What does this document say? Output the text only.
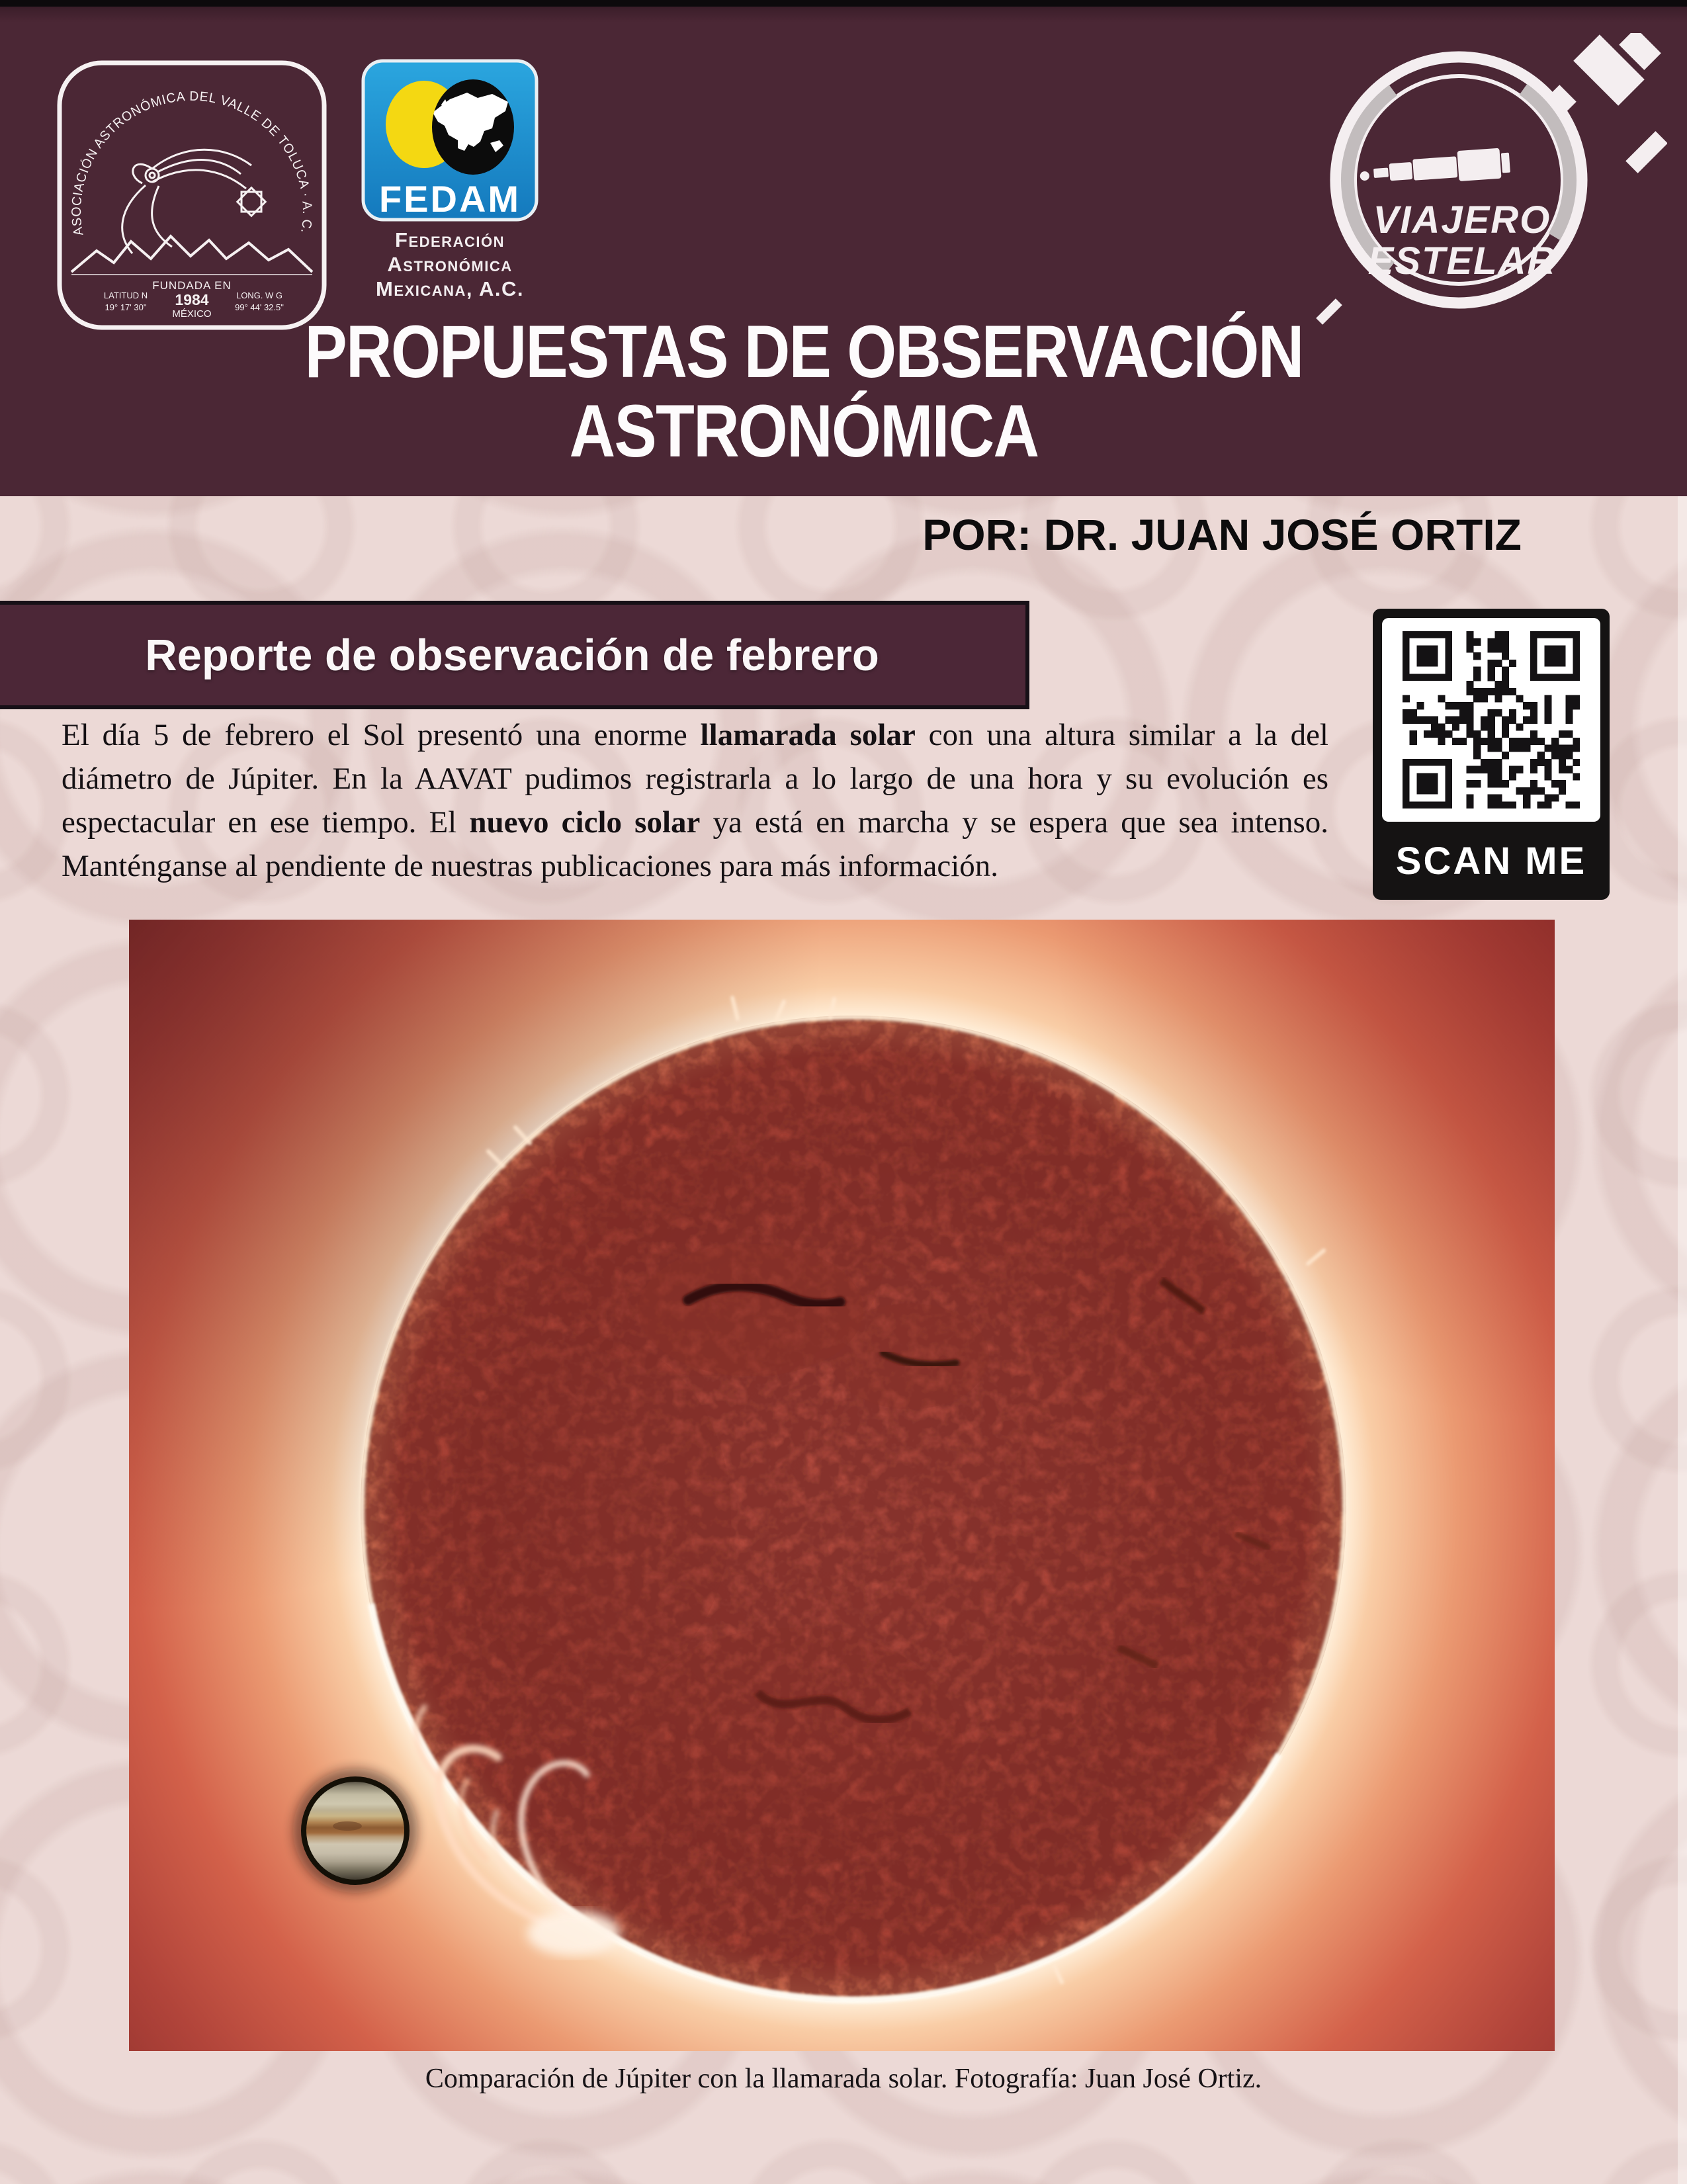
ASOCIACIÓN ASTRONÓMICA DEL VALLE DE TOLUCA · A. C.
FUNDADA EN
1984
MÉXICO
LATITUD N
19° 17' 30"
LONG. W G
99° 44' 32.5"
FEDAM
Federación
Astronómica
Mexicana, A.C.
VIAJERO
ESTELAR
PROPUESTAS DE OBSERVACIÓN
ASTRONÓMICA
POR: DR. JUAN JOSÉ ORTIZ
Reporte de observación de febrero
El día 5 de febrero el Sol presentó una enorme llamarada solar con una altura similar a la del diámetro de Júpiter. En la AAVAT pudimos registrarla a lo largo de una hora y su evolución es espectacular en ese tiempo. El nuevo ciclo solar ya está en marcha y se espera que sea intenso. Manténganse al pendiente de nuestras publicaciones para más información.	SCAN ME
Comparación de Júpiter con la llamarada solar. Fotografía: Juan José Ortiz.
